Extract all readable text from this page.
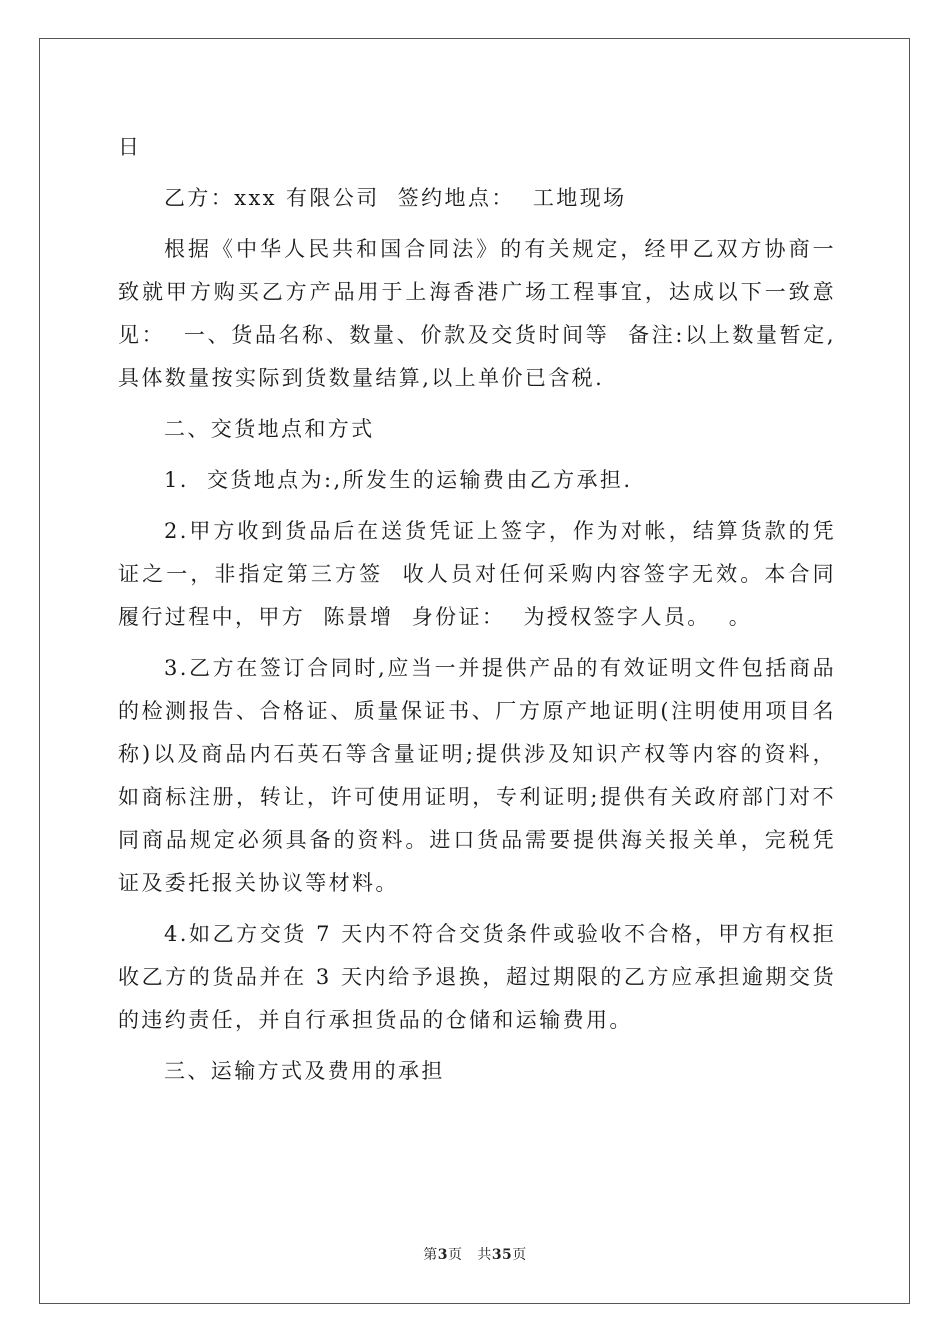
日

乙方：xxx 有限公司  签约地点：  工地现场

根据《中华人民共和国合同法》的有关规定，经甲乙双方协商一致就甲方购买乙方产品用于上海香港广场工程事宜，达成以下一致意见：  一、货品名称、数量、价款及交货时间等  备注:以上数量暂定,具体数量按实际到货数量结算,以上单价已含税.

二、交货地点和方式

1.  交货地点为:,所发生的运输费由乙方承担.

2.甲方收到货品后在送货凭证上签字，作为对帐，结算货款的凭证之一，非指定第三方签  收人员对任何采购内容签字无效。本合同履行过程中，甲方  陈景增  身份证：  为授权签字人员。  。

3.乙方在签订合同时,应当一并提供产品的有效证明文件包括商品的检测报告、合格证、质量保证书、厂方原产地证明(注明使用项目名称)以及商品内石英石等含量证明;提供涉及知识产权等内容的资料，如商标注册，转让，许可使用证明，专利证明;提供有关政府部门对不同商品规定必须具备的资料。进口货品需要提供海关报关单，完税凭证及委托报关协议等材料。

4.如乙方交货 7 天内不符合交货条件或验收不合格，甲方有权拒收乙方的货品并在 3 天内给予退换，超过期限的乙方应承担逾期交货的违约责任，并自行承担货品的仓储和运输费用。

三、运输方式及费用的承担

第3页 共35页
